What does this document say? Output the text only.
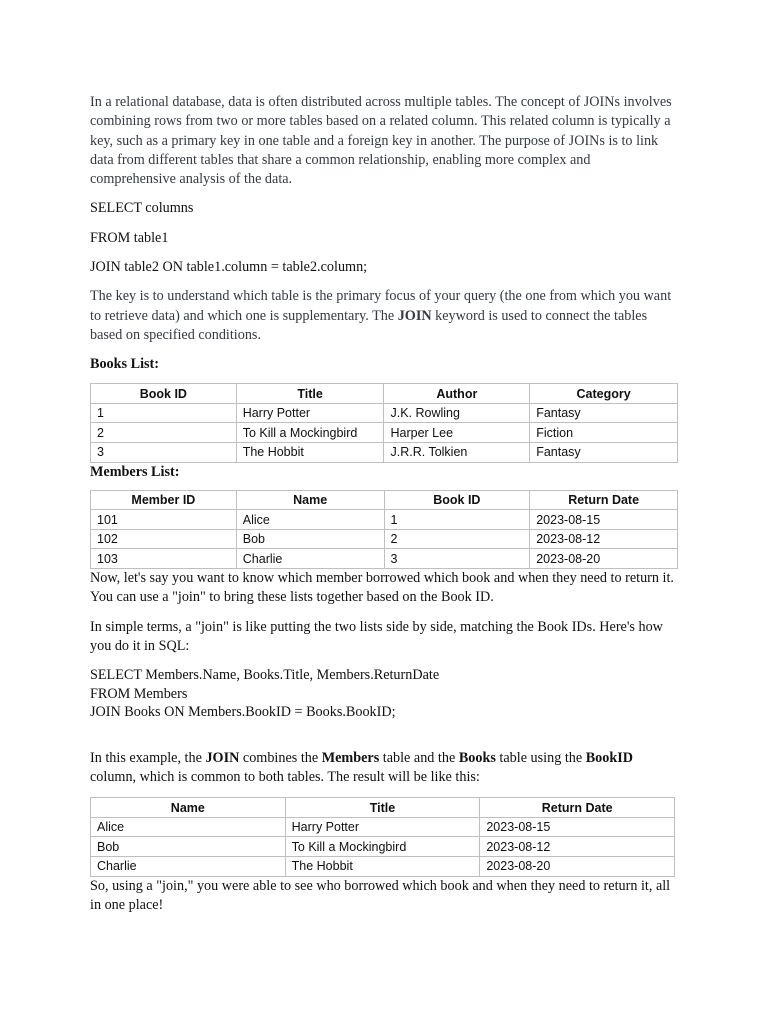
In a relational database, data is often distributed across multiple tables. The concept of JOINs involves combining rows from two or more tables based on a related column. This related column is typically a key, such as a primary key in one table and a foreign key in another. The purpose of JOINs is to link data from different tables that share a common relationship, enabling more complex and comprehensive analysis of the data.

SELECT columns

FROM table1

JOIN table2 ON table1.column = table2.column;

The key is to understand which table is the primary focus of your query (the one from which you want to retrieve data) and which one is supplementary. The JOIN keyword is used to connect the tables based on specified conditions.

Books List:

Book ID	Title	Author	Category
1	Harry Potter	J.K. Rowling	Fantasy
2	To Kill a Mockingbird	Harper Lee	Fiction
3	The Hobbit	J.R.R. Tolkien	Fantasy

Members List:

Member ID	Name	Book ID	Return Date
101	Alice	1	2023-08-15
102	Bob	2	2023-08-12
103	Charlie	3	2023-08-20

Now, let's say you want to know which member borrowed which book and when they need to return it. You can use a "join" to bring these lists together based on the Book ID.

In simple terms, a "join" is like putting the two lists side by side, matching the Book IDs. Here's how you do it in SQL:

SELECT Members.Name, Books.Title, Members.ReturnDate

FROM Members

JOIN Books ON Members.BookID = Books.BookID;

In this example, the JOIN combines the Members table and the Books table using the BookID column, which is common to both tables. The result will be like this:

Name	Title	Return Date
Alice	Harry Potter	2023-08-15
Bob	To Kill a Mockingbird	2023-08-12
Charlie	The Hobbit	2023-08-20

So, using a "join," you were able to see who borrowed which book and when they need to return it, all in one place!
